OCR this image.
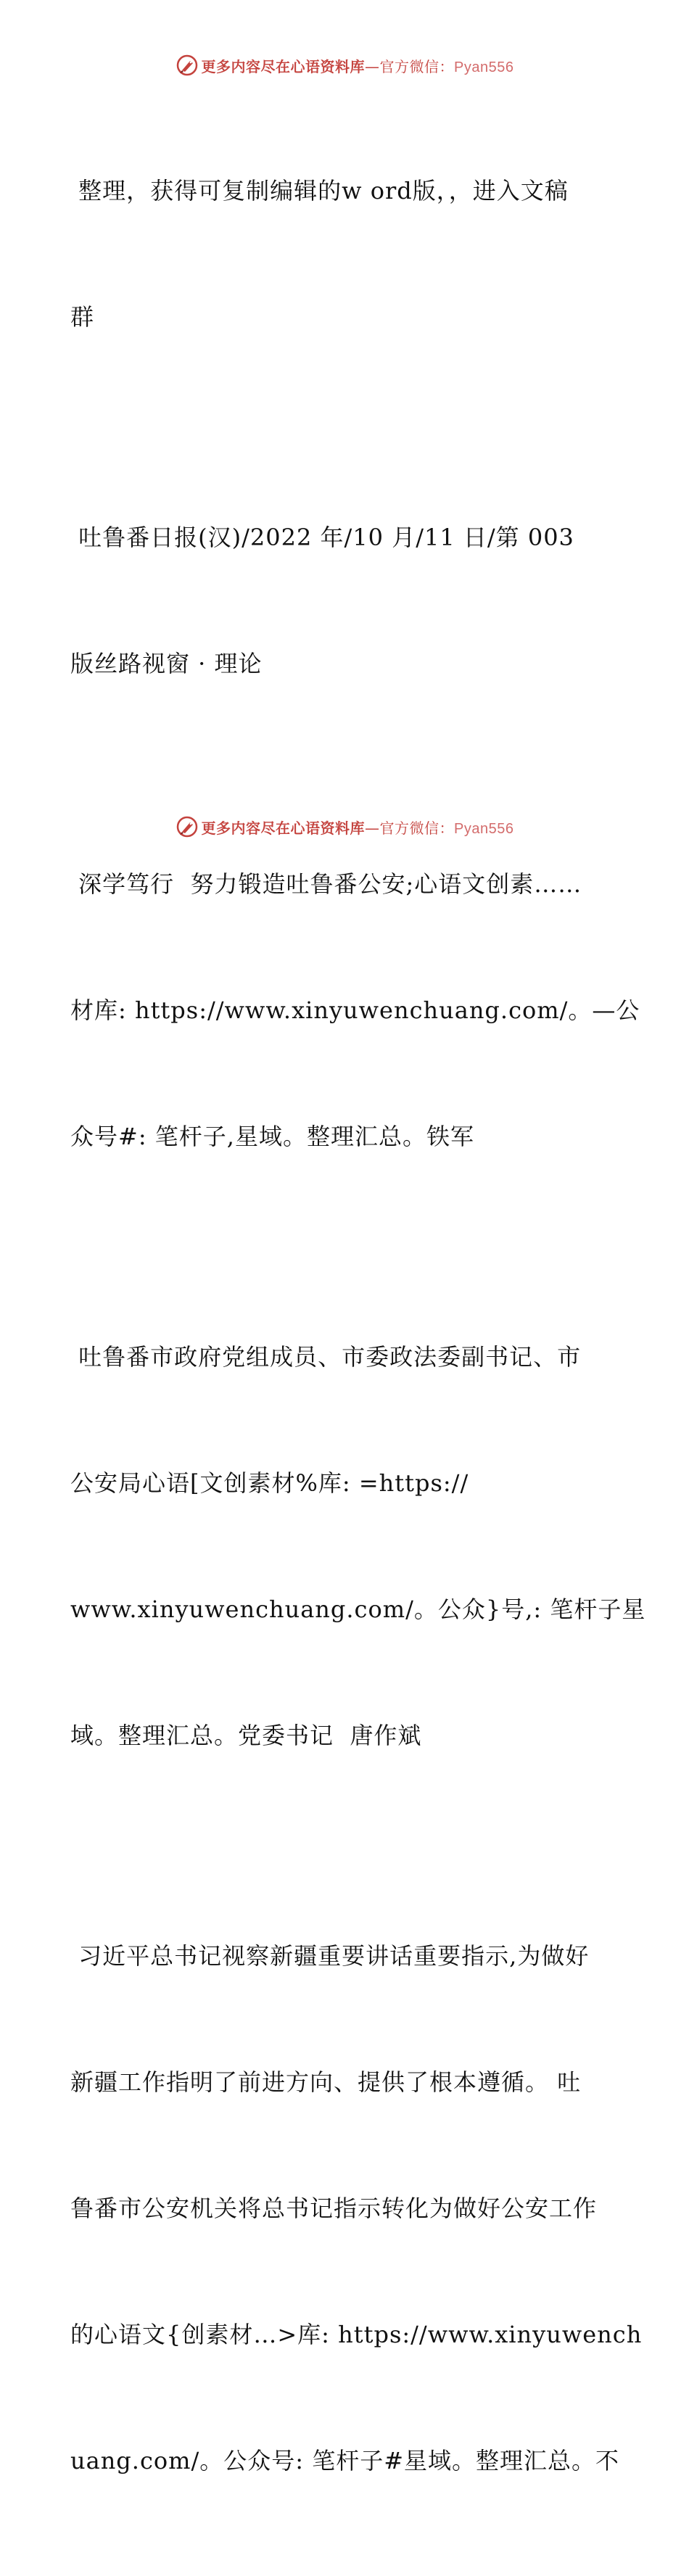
更多内容尽在心语资料库—官方微信：Pyan556

整理，获得可复制编辑的w ord版，，进入文稿

群

吐鲁番日报(汉)/2022 年/10 月/11 日/第 003

版丝路视窗 · 理论

深学笃行  努力锻造吐鲁番公安;心语文创素……

材库: https://www.xinyuwenchuang.com/。—公

众号#: 笔杆子,星域。整理汇总。铁军

吐鲁番市政府党组成员、市委政法委副书记、市

公安局心语[文创素材%库: =https://

www.xinyuwenchuang.com/。公众}号,: 笔杆子星

域。整理汇总。党委书记  唐作斌

习近平总书记视察新疆重要讲话重要指示,为做好

新疆工作指明了前进方向、提供了根本遵循。 吐

鲁番市公安机关将总书记指示转化为做好公安工作

的心语文{创素材…>库: https://www.xinyuwench

uang.com/。公众号: 笔杆子#星域。整理汇总。不

更多内容尽在心语资料库—官方微信：Pyan556
